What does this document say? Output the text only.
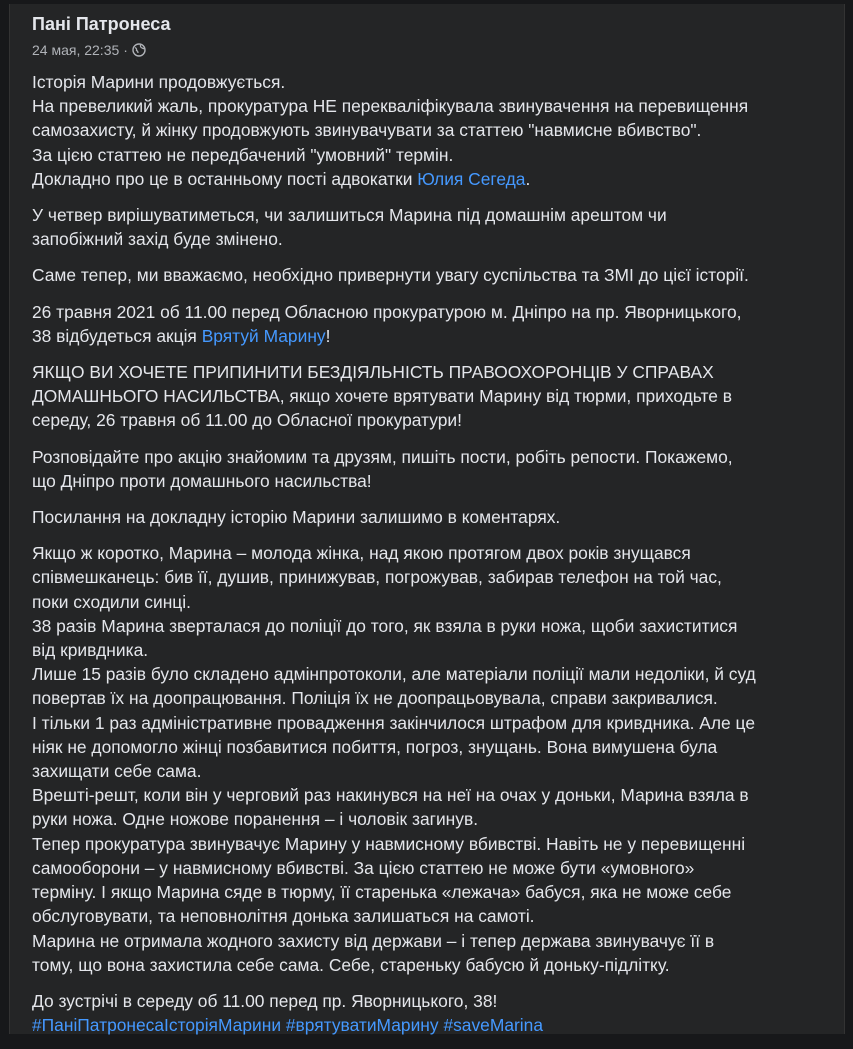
Пані Патронеса
24 мая, 22:35 ·
Історія Марини продовжується.
На превеликий жаль, прокуратура НЕ перекваліфікувала звинувачення на перевищення
самозахисту, й жінку продовжують звинувачувати за статтею "навмисне вбивство".
За цією статтею не передбачений "умовний" термін.
Докладно про це в останньому пості адвокатки Юлия Сегеда.
У четвер вирішуватиметься, чи залишиться Марина під домашнім арештом чи
запобіжний захід буде змінено.
Саме тепер, ми вважаємо, необхідно привернути увагу суспільства та ЗМІ до цієї історії.
26 травня 2021 об 11.00 перед Обласною прокуратурою м. Дніпро на пр. Яворницького,
38 відбудеться акція Врятуй Марину!
ЯКЩО ВИ ХОЧЕТЕ ПРИПИНИТИ БЕЗДІЯЛЬНІСТЬ ПРАВООХОРОНЦІВ У СПРАВАХ
ДОМАШНЬОГО НАСИЛЬСТВА, якщо хочете врятувати Марину від тюрми, приходьте в
середу, 26 травня об 11.00 до Обласної прокуратури!
Розповідайте про акцію знайомим та друзям, пишіть пости, робіть репости. Покажемо,
що Дніпро проти домашнього насильства!
Посилання на докладну історію Марини залишимо в коментарях.
Якщо ж коротко, Марина – молода жінка, над якою протягом двох років знущався
співмешканець: бив її, душив, принижував, погрожував, забирав телефон на той час,
поки сходили синці.
38 разів Марина зверталася до поліції до того, як взяла в руки ножа, щоби захиститися
від кривдника.
Лише 15 разів було складено адмінпротоколи, але матеріали поліції мали недоліки, й суд
повертав їх на доопрацювання. Поліція їх не доопрацьовувала, справи закривалися.
І тільки 1 раз адміністративне провадження закінчилося штрафом для кривдника. Але це
ніяк не допомогло жінці позбавитися побиття, погроз, знущань. Вона вимушена була
захищати себе сама.
Врешті-решт, коли він у черговий раз накинувся на неї на очах у доньки, Марина взяла в
руки ножа. Одне ножове поранення – і чоловік загинув.
Тепер прокуратура звинувачує Марину у навмисному вбивстві. Навіть не у перевищенні
самооборони – у навмисному вбивстві. За цією статтею не може бути «умовного»
терміну. І якщо Марина сяде в тюрму, її старенька «лежача» бабуся, яка не може себе
обслуговувати, та неповнолітня донька залишаться на самоті.
Марина не отримала жодного захисту від держави – і тепер держава звинувачує її в
тому, що вона захистила себе сама. Себе, стареньку бабусю й доньку-підлітку.
До зустрічі в середу об 11.00 перед пр. Яворницького, 38!
#ПаніПатронесаІсторіяМарини #врятуватиМарину #saveMarina
